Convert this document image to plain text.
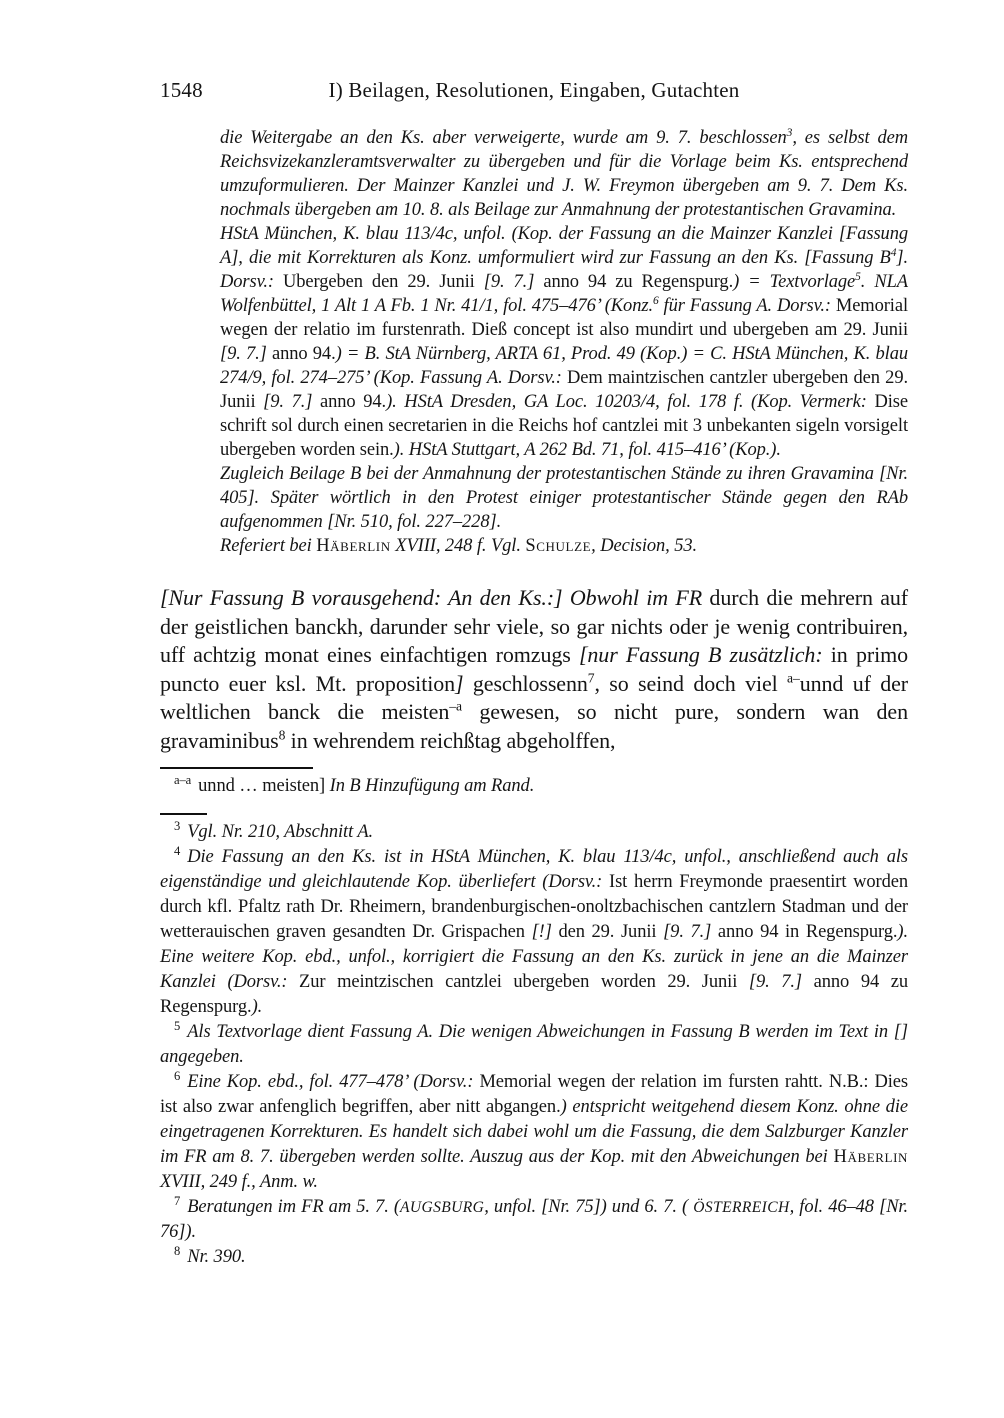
1548	I) Beilagen, Resolutionen, Eingaben, Gutachten

die Weitergabe an den Ks. aber verweigerte, wurde am 9. 7. beschlossen$^3$, es selbst dem Reichsvizekanzleramtsverwalter zu übergeben und für die Vorlage beim Ks. entsprechend umzuformulieren. Der Mainzer Kanzlei und J. W. Freymon übergeben am 9. 7. Dem Ks. nochmals übergeben am 10. 8. als Beilage zur Anmahnung der protestantischen Gravamina.

HStA München, K. blau 113/4c, unfol. (Kop. der Fassung an die Mainzer Kanzlei [Fassung A], die mit Korrekturen als Konz. umformuliert wird zur Fassung an den Ks. [Fassung $B^4$]. Dorsv.: Ubergeben den 29. Junii [9. 7.] anno 94 zu Regenspurg.) = Textvorlage$^5$. NLA Wolfenbüttel, 1 Alt 1 A Fb. 1 Nr. 41/1, fol. 475–476’ (Konz.$^6$ für Fassung A. Dorsv.: Memorial wegen der relatio im furstenrath. Dieß concept ist also mundirt und ubergeben am 29. Junii [9. 7.] anno 94.) = B. StA Nürnberg, ARTA 61, Prod. 49 (Kop.) = C. HStA München, K. blau 274/9, fol. 274–275’ (Kop. Fassung A. Dorsv.: Dem maintzischen cantzler ubergeben den 29. Junii [9. 7.] anno 94.). HStA Dresden, GA Loc. 10203/4, fol. 178 f. (Kop. Vermerk: Dise schrift sol durch einen secretarien in die Reichs hof cantzlei mit 3 unbekanten sigeln vorsigelt ubergeben worden sein.). HStA Stuttgart, A 262 Bd. 71, fol. 415–416’ (Kop.).

Zugleich Beilage B bei der Anmahnung der protestantischen Stände zu ihren Gravamina [Nr. 405]. Später wörtlich in den Protest einiger protestantischer Stände gegen den RAb aufgenommen [Nr. 510, fol. 227–228].

Referiert bei Häberlin XVIII, 248 f. Vgl. Schulze, Decision, 53.

[Nur Fassung B vorausgehend: An den Ks.:] Obwohl im FR durch die mehrern auf der geistlichen banckh, darunder sehr viele, so gar nichts oder je wenig contribuiren, uff achtzig monat eines einfachtigen romzugs [nur Fassung B zusätzlich: in primo puncto euer ksl. Mt. proposition] geschlossenn$^7$, so seind doch viel $^{a-}$unnd uf der weltlichen banck die meisten$^{-a}$ gewesen, so nicht pure, sondern wan den gravaminibus$^8$ in wehrendem reichßtag abgeholffen,

$^{a-a}$ unnd … meisten] In B Hinzufügung am Rand.

$^3$ Vgl. Nr. 210, Abschnitt A.

$^4$ Die Fassung an den Ks. ist in HStA München, K. blau 113/4c, unfol., anschließend auch als eigenständige und gleichlautende Kop. überliefert (Dorsv.: Ist herrn Freymonde praesentirt worden durch kfl. Pfaltz rath Dr. Rheimern, brandenburgischen-onoltzbachischen cantzlern Stadman und der wetterauischen graven gesandten Dr. Grispachen [!] den 29. Junii [9. 7.] anno 94 in Regenspurg.). Eine weitere Kop. ebd., unfol., korrigiert die Fassung an den Ks. zurück in jene an die Mainzer Kanzlei (Dorsv.: Zur meintzischen cantzlei ubergeben worden 29. Junii [9. 7.] anno 94 zu Regenspurg.).

$^5$ Als Textvorlage dient Fassung A. Die wenigen Abweichungen in Fassung B werden im Text in [] angegeben.

$^6$ Eine Kop. ebd., fol. 477–478’ (Dorsv.: Memorial wegen der relation im fursten rahtt. N.B.: Dies ist also zwar anfenglich begriffen, aber nitt abgangen.) entspricht weitgehend diesem Konz. ohne die eingetragenen Korrekturen. Es handelt sich dabei wohl um die Fassung, die dem Salzburger Kanzler im FR am 8. 7. übergeben werden sollte. Auszug aus der Kop. mit den Abweichungen bei Häberlin XVIII, 249 f., Anm. w.

$^7$ Beratungen im FR am 5. 7. (AUGSBURG, unfol. [Nr. 75]) und 6. 7. ( ÖSTERREICH, fol. 46–48 [Nr. 76]).

$^8$ Nr. 390.
